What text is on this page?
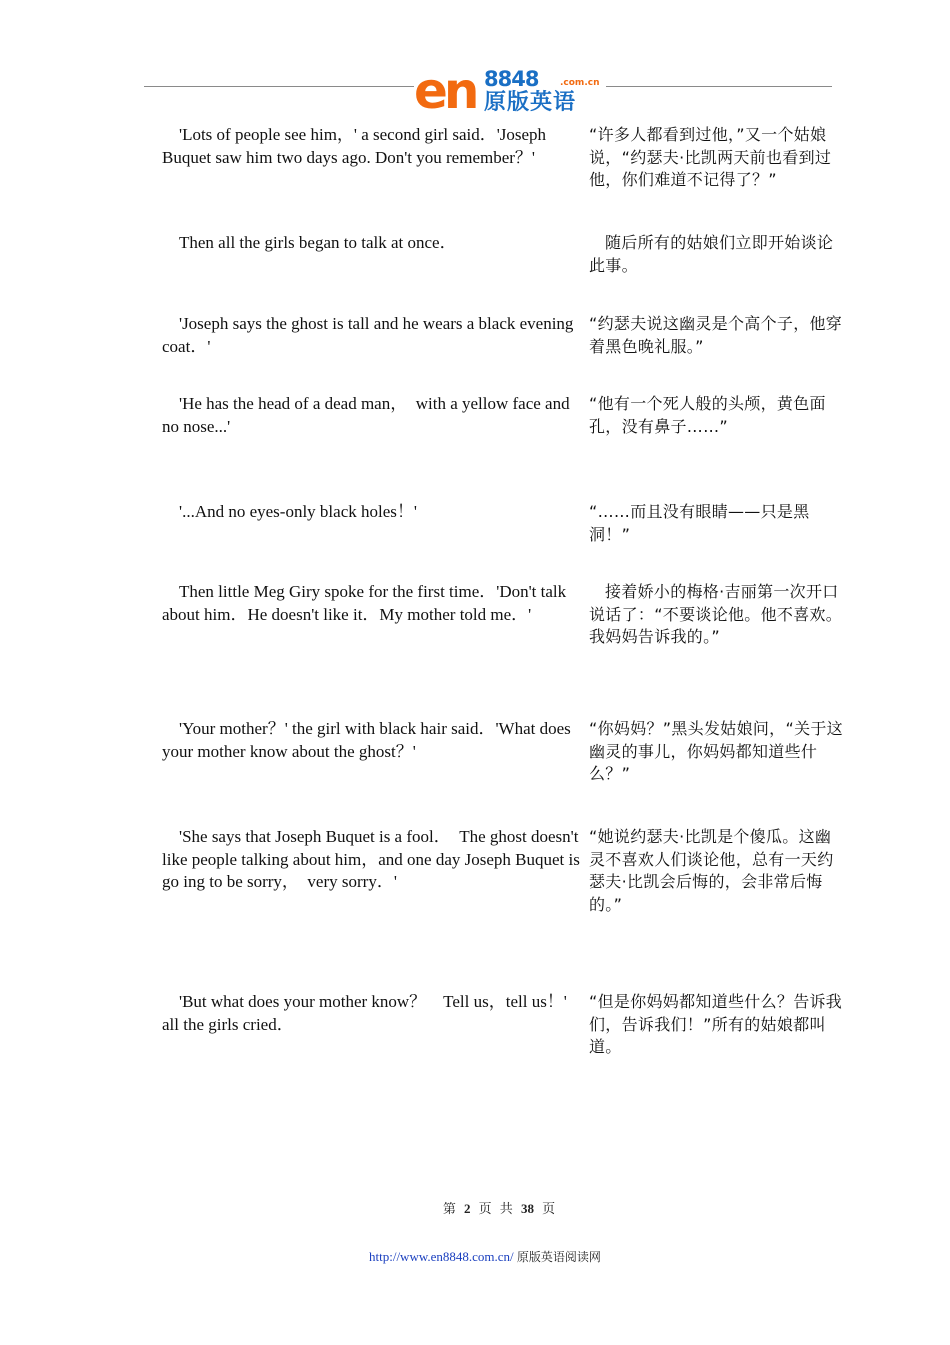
en 8848 .com.cn
原版英语

'Lots of people see him，' a second girl said．'Joseph Buquet saw him two days ago. Don't you remember？'

“许多人都看到过他，”又一个姑娘说，“约瑟夫·比凯两天前也看到过他，你们难道不记得了？”

Then all the girls began to talk at once．	随后所有的姑娘们立即开始谈论此事。

'Joseph says the ghost is tall and he wears a black evening coat．'

“约瑟夫说这幽灵是个高个子，他穿着黑色晚礼服。”

'He has the head of a dead man，　with a yellow face and no nose...'

“他有一个死人般的头颅，黄色面孔，没有鼻子……”

'...And no eyes-only black holes！'	“……而且没有眼睛——只是黑洞！”

Then little Meg Giry spoke for the first time．'Don't talk about him．He doesn't like it．My mother told me．'

接着娇小的梅格·吉丽第一次开口说话了：“不要谈论他。他不喜欢。我妈妈告诉我的。”

'Your mother？' the girl with black hair said．'What does your mother know about the ghost？'

“你妈妈？”黑头发姑娘问，“关于这幽灵的事儿，你妈妈都知道些什么？”

'She says that Joseph Buquet is a fool．　The ghost doesn't like people talking about him，and one day Joseph Buquet is go ing to be sorry，　very sorry．'

“她说约瑟夫·比凯是个傻瓜。这幽灵不喜欢人们谈论他，总有一天约瑟夫·比凯会后悔的，会非常后悔的。”

'But what does your mother know？　Tell us，tell us！' all the girls cried．

“但是你妈妈都知道些什么？告诉我们，告诉我们！”所有的姑娘都叫道。

第 2 页 共 38 页
http://www.en8848.com.cn/ 原版英语阅读网
